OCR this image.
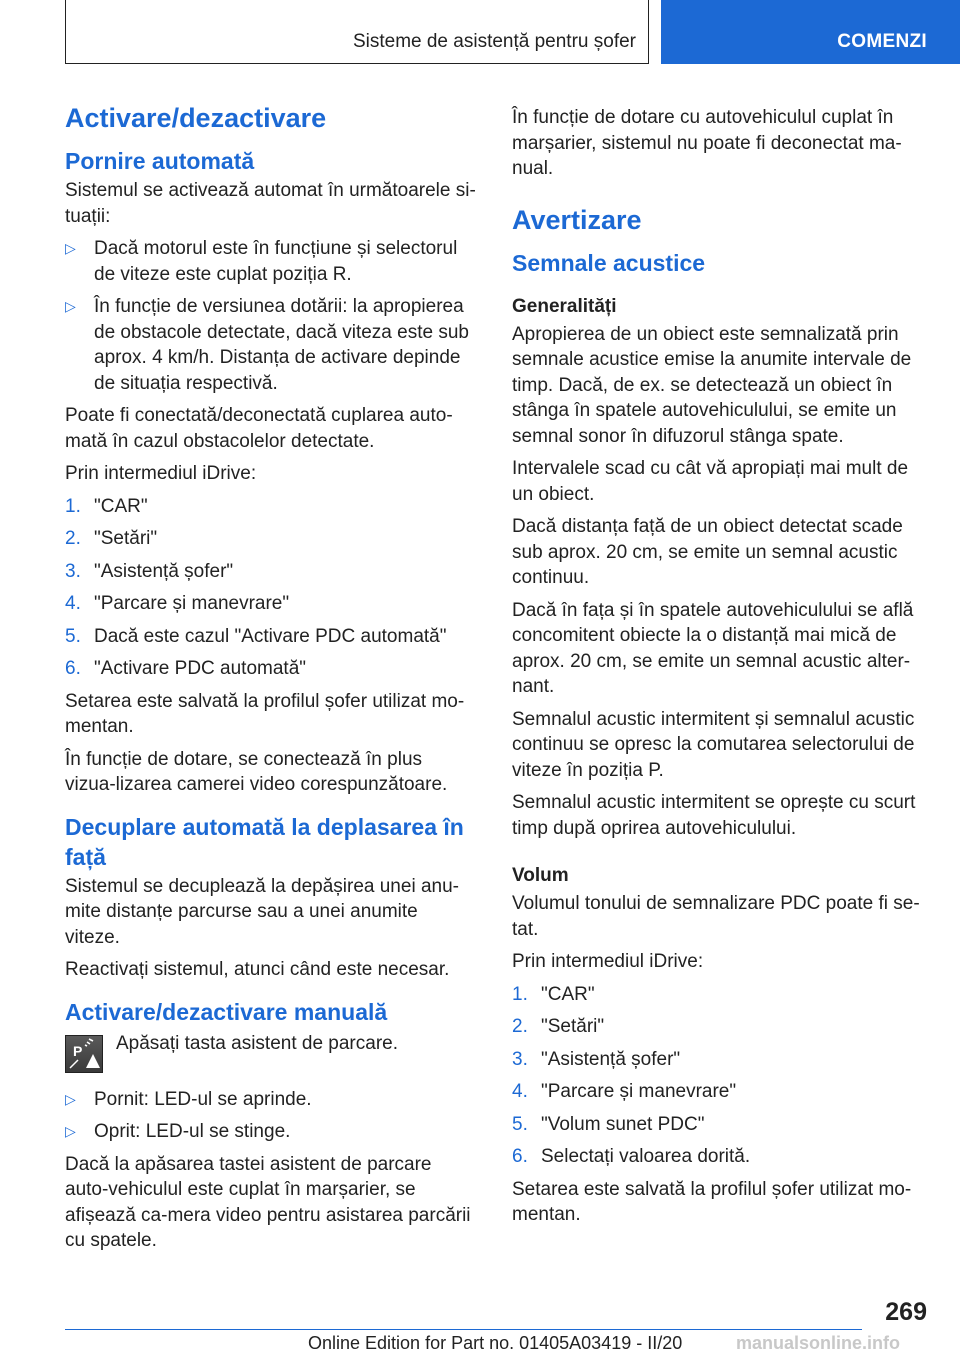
Sisteme de asistență pentru șofer	COMENZI
Activare/dezactivare
Pornire automată

Sistemul se activează automat în următoarele si-tuații:

▷ Dacă motorul este în funcțiune și selectorul de viteze este cuplat poziția R.
▷ În funcție de versiunea dotării: la apropierea de obstacole detectate, dacă viteza este sub aprox. 4 km/h. Distanța de activare depinde de situația respectivă.

Poate fi conectată/deconectată cuplarea auto-mată în cazul obstacolelor detectate.

Prin intermediul iDrive:

1. "CAR"
2. "Setări"
3. "Asistență șofer"
4. "Parcare și manevrare"
5. Dacă este cazul "Activare PDC automată"
6. "Activare PDC automată"

Setarea este salvată la profilul șofer utilizat mo-mentan.

În funcție de dotare, se conectează în plus vizua-lizarea camerei video corespunzătoare.

Decuplare automată la deplasarea în față

Sistemul se decuplează la depășirea unei anu-mite distanțe parcurse sau a unei anumite viteze.

Reactivați sistemul, atunci când este necesar.

Activare/dezactivare manuală
P	Apăsați tasta asistent de parcare.

▷ Pornit: LED-ul se aprinde.
▷ Oprit: LED-ul se stinge.

Dacă la apăsarea tastei asistent de parcare auto-vehiculul este cuplat în marșarier, se afișează ca-mera video pentru asistarea parcării cu spatele.

În funcție de dotare cu autovehiculul cuplat în marșarier, sistemul nu poate fi deconectat ma-nual.

Avertizare
Semnale acustice
Generalități

Apropierea de un obiect este semnalizată prin semnale acustice emise la anumite intervale de timp. Dacă, de ex. se detectează un obiect în stânga în spatele autovehiculului, se emite un semnal sonor în difuzorul stânga spate.

Intervalele scad cu cât vă apropiați mai mult de un obiect.

Dacă distanța față de un obiect detectat scade sub aprox. 20 cm, se emite un semnal acustic continuu.

Dacă în fața și în spatele autovehiculului se află concomitent obiecte la o distanță mai mică de aprox. 20 cm, se emite un semnal acustic alter-nant.

Semnalul acustic intermitent și semnalul acustic continuu se opresc la comutarea selectorului de viteze în poziția P.

Semnalul acustic intermitent se oprește cu scurt timp după oprirea autovehiculului.

Volum

Volumul tonului de semnalizare PDC poate fi se-tat.

Prin intermediul iDrive:

1. "CAR"
2. "Setări"
3. "Asistență șofer"
4. "Parcare și manevrare"
5. "Volum sunet PDC"
6. Selectați valoarea dorită.

Setarea este salvată la profilul șofer utilizat mo-mentan.

269
Online Edition for Part no. 01405A03419 - II/20	manualsonline.info
